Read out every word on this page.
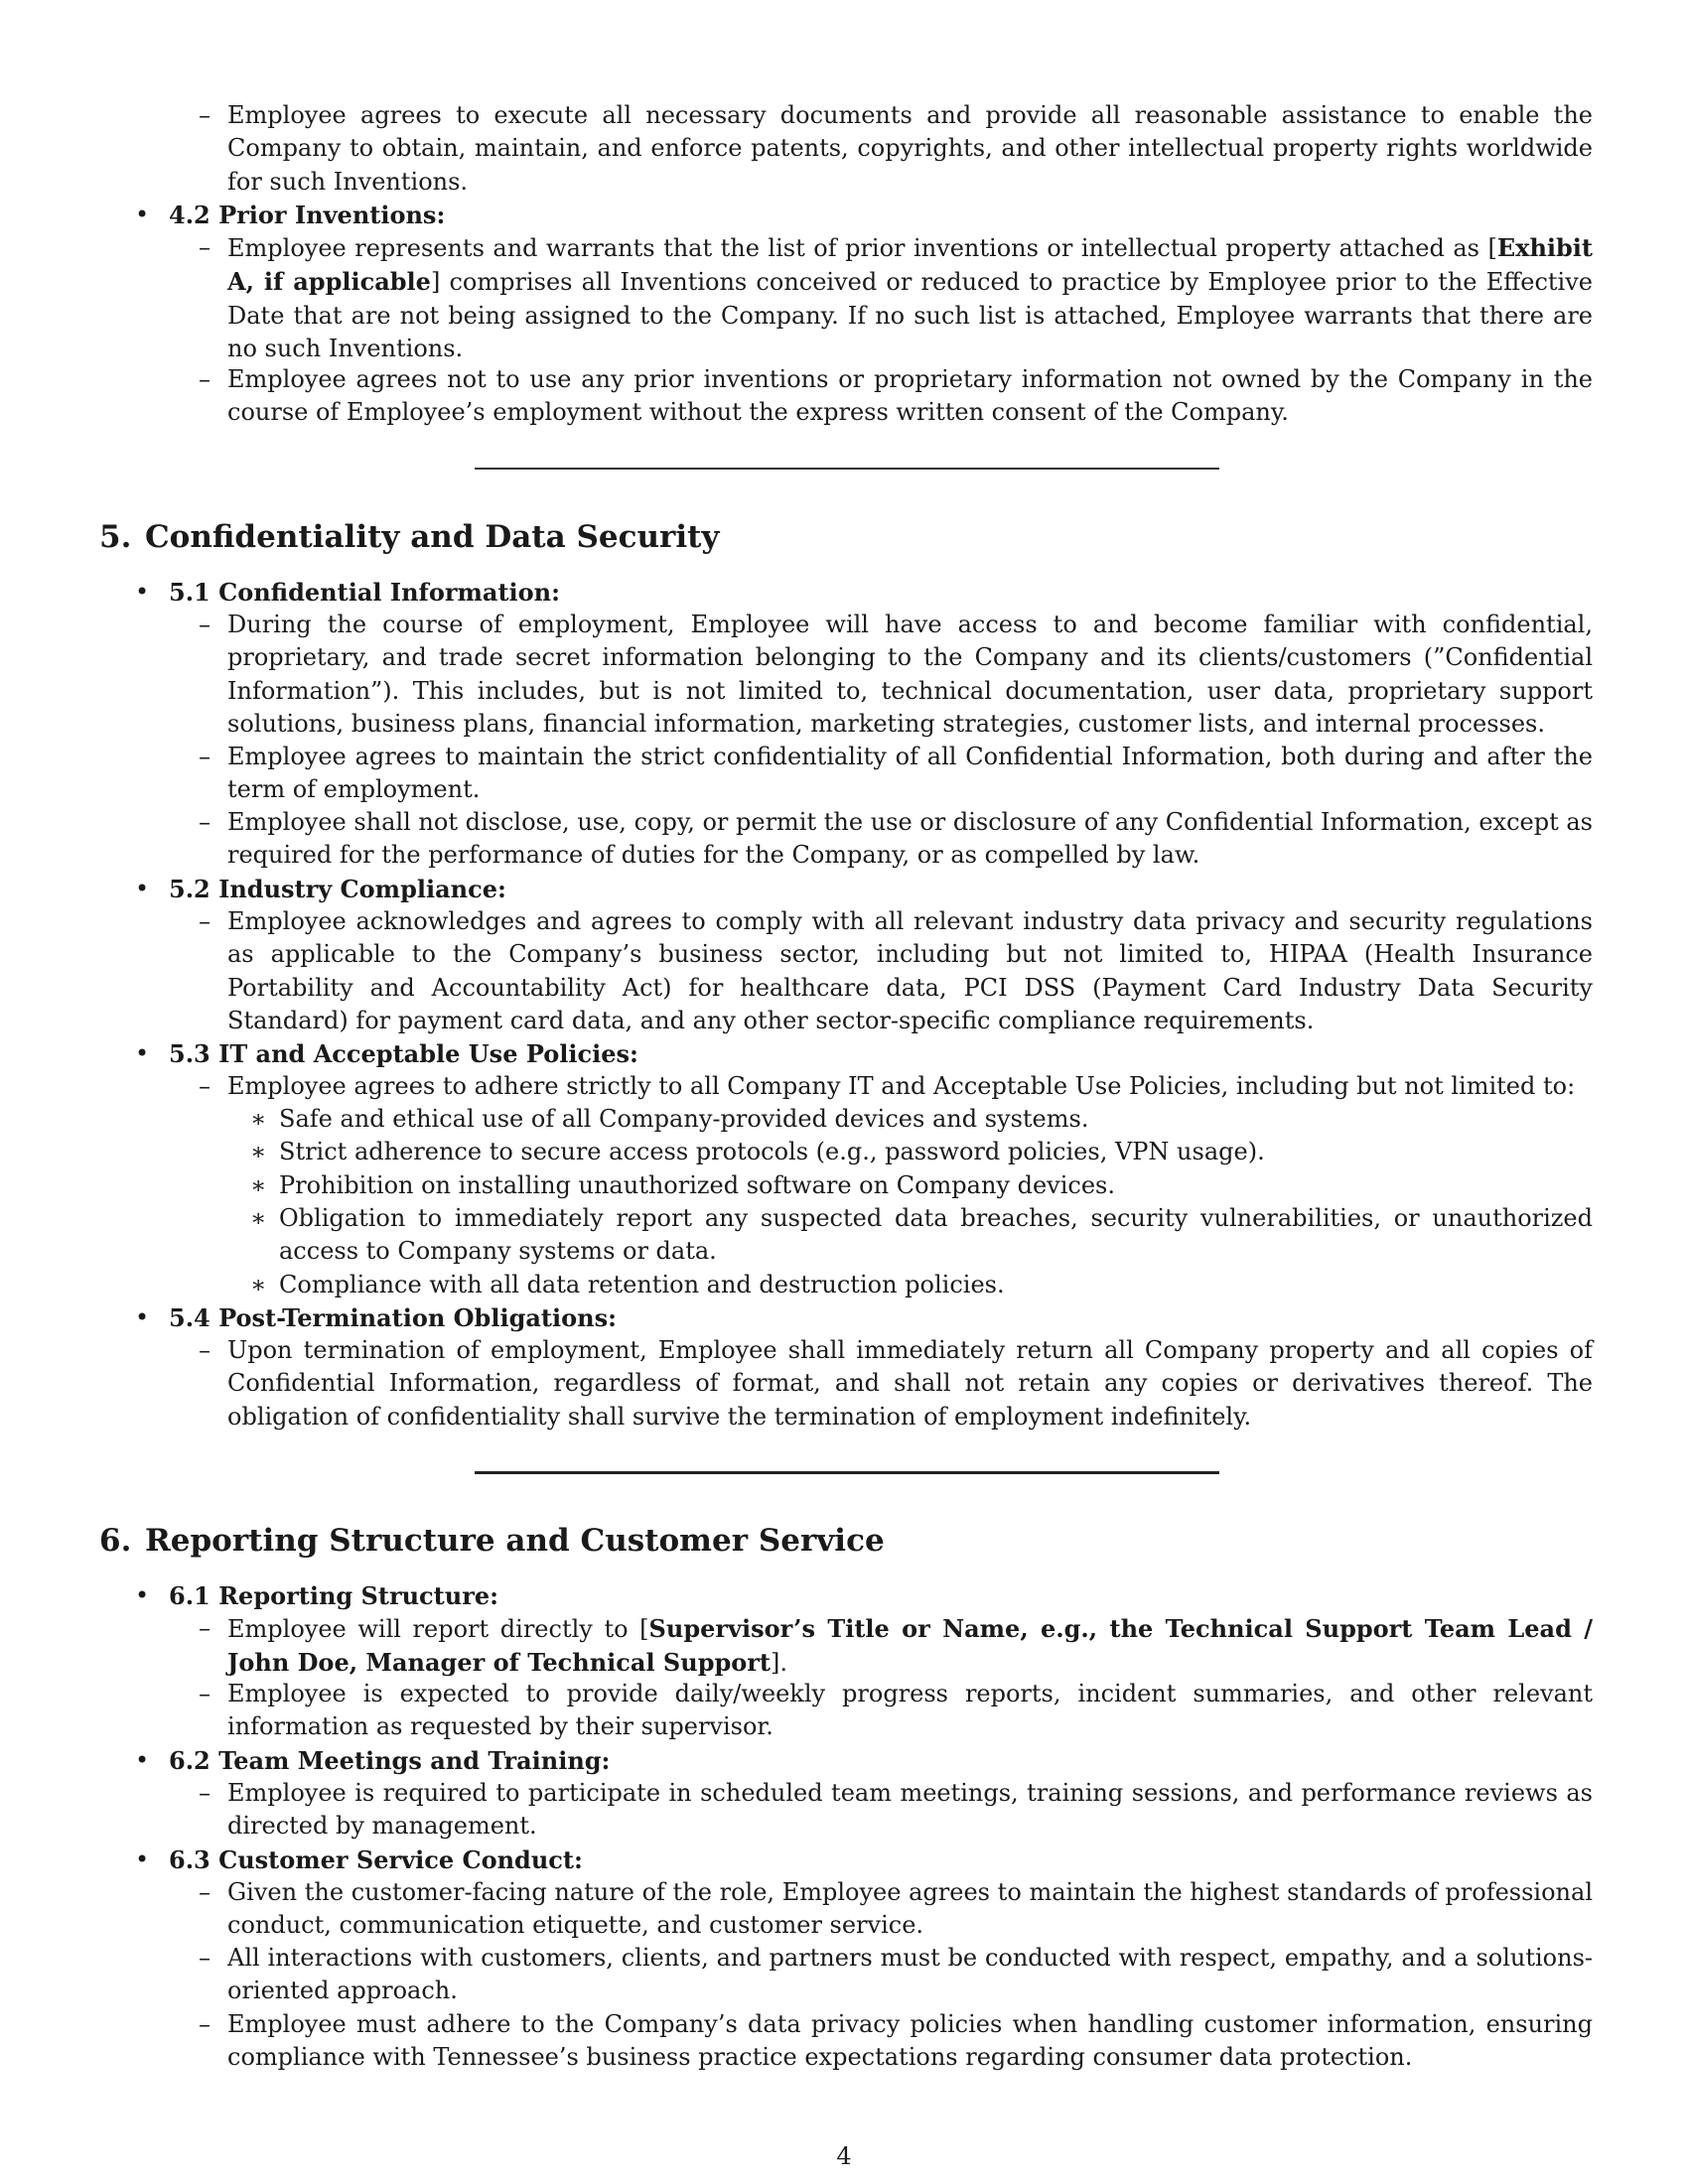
– Employee agrees to execute all necessary documents and provide all reasonable assistance to enable the Company to obtain, maintain, and enforce patents, copyrights, and other intellectual property rights worldwide for such Inventions.

• 4.2 Prior Inventions:
– Employee represents and warrants that the list of prior inventions or intellectual property attached as [Exhibit A, if applicable] comprises all Inventions conceived or reduced to practice by Employee prior to the Effective Date that are not being assigned to the Company. If no such list is attached, Employee warrants that there are no such Inventions.

– Employee agrees not to use any prior inventions or proprietary information not owned by the Company in the course of Employee’s employment without the express written consent of the Company.

5. Confidentiality and Data Security
• 5.1 Confidential Information:
– During the course of employment, Employee will have access to and become familiar with confidential, proprietary, and trade secret information belonging to the Company and its clients/customers (”Confidential Information”). This includes, but is not limited to, technical documentation, user data, proprietary support solutions, business plans, financial information, marketing strategies, customer lists, and internal processes.

– Employee agrees to maintain the strict confidentiality of all Confidential Information, both during and after the term of employment.

– Employee shall not disclose, use, copy, or permit the use or disclosure of any Confidential Information, except as required for the performance of duties for the Company, or as compelled by law.

• 5.2 Industry Compliance:
– Employee acknowledges and agrees to comply with all relevant industry data privacy and security regulations as applicable to the Company’s business sector, including but not limited to, HIPAA (Health Insurance Portability and Accountability Act) for healthcare data, PCI DSS (Payment Card Industry Data Security Standard) for payment card data, and any other sector-specific compliance requirements.

• 5.3 IT and Acceptable Use Policies:
– Employee agrees to adhere strictly to all Company IT and Acceptable Use Policies, including but not limited to:

∗ Safe and ethical use of all Company-provided devices and systems.

∗ Strict adherence to secure access protocols (e.g., password policies, VPN usage).

∗ Prohibition on installing unauthorized software on Company devices.

∗ Obligation to immediately report any suspected data breaches, security vulnerabilities, or unauthorized access to Company systems or data.

∗ Compliance with all data retention and destruction policies.

• 5.4 Post-Termination Obligations:
– Upon termination of employment, Employee shall immediately return all Company property and all copies of Confidential Information, regardless of format, and shall not retain any copies or derivatives thereof. The obligation of confidentiality shall survive the termination of employment indefinitely.

6. Reporting Structure and Customer Service
• 6.1 Reporting Structure:
– Employee will report directly to [Supervisor’s Title or Name, e.g., the Technical Support Team Lead / John Doe, Manager of Technical Support].

– Employee is expected to provide daily/weekly progress reports, incident summaries, and other relevant information as requested by their supervisor.

• 6.2 Team Meetings and Training:
– Employee is required to participate in scheduled team meetings, training sessions, and performance reviews as directed by management.

• 6.3 Customer Service Conduct:
– Given the customer-facing nature of the role, Employee agrees to maintain the highest standards of professional conduct, communication etiquette, and customer service.

– All interactions with customers, clients, and partners must be conducted with respect, empathy, and a solutions-oriented approach.

– Employee must adhere to the Company’s data privacy policies when handling customer information, ensuring compliance with Tennessee’s business practice expectations regarding consumer data protection.

4
